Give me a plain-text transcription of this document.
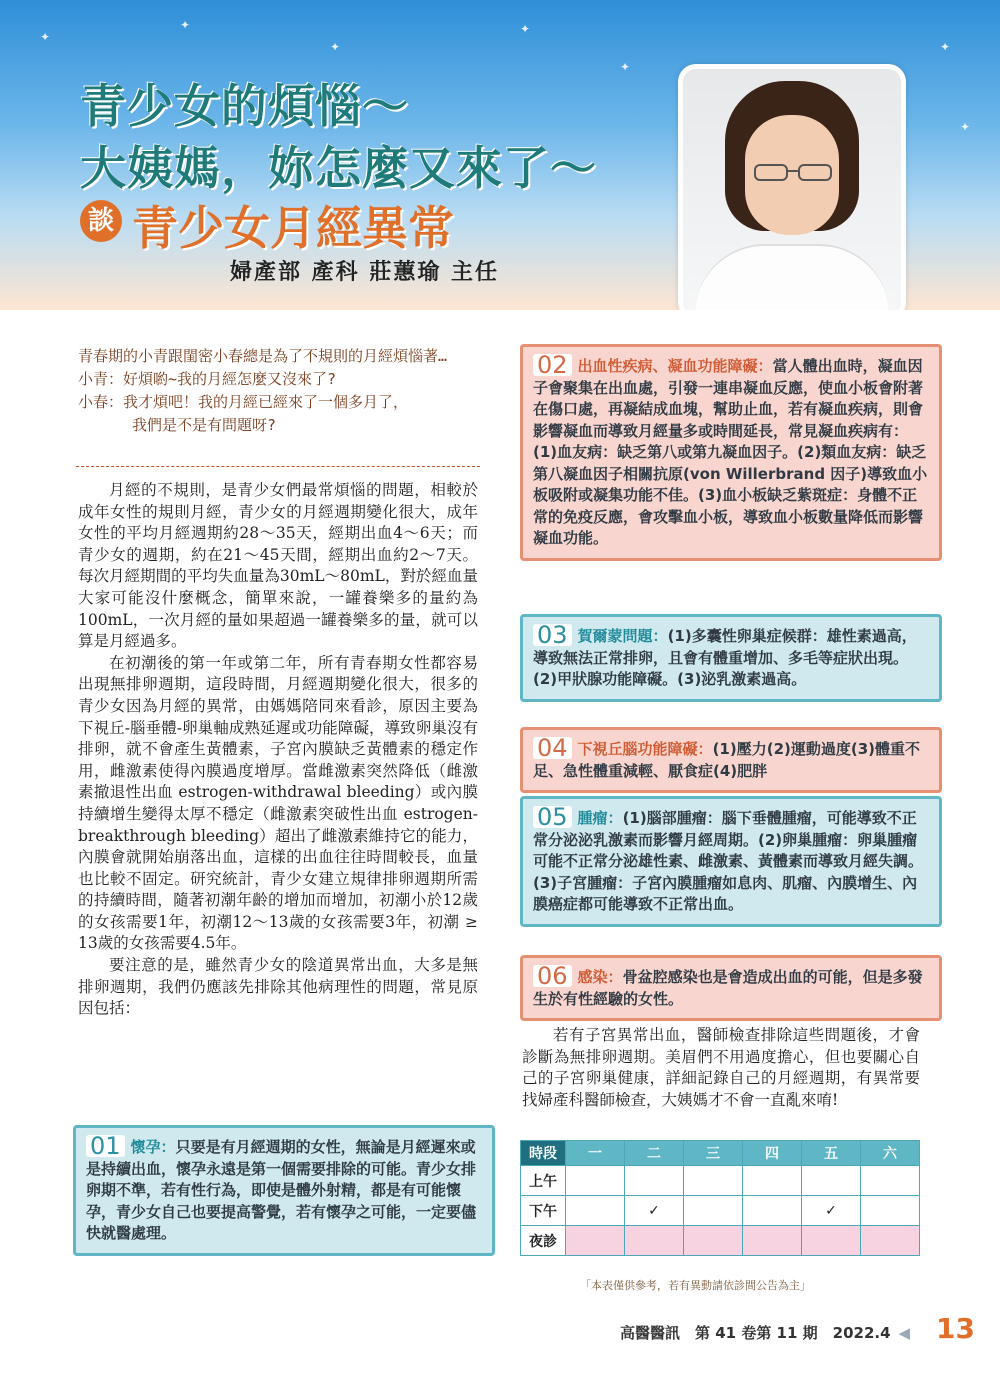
✦
✦
✦
✦
✦
✦
✦
青少女的煩惱～
大姨媽，妳怎麼又來了～
談 青少女月經異常
婦產部 產科 莊蕙瑜 主任

青春期的小青跟閨密小春總是為了不規則的月經煩惱著…

小青：好煩喲~我的月經怎麼又沒來了?

小春：我才煩吧！我的月經已經來了一個多月了，

我們是不是有問題呀?

月經的不規則，是青少女們最常煩惱的問題，相較於成年女性的規則月經，青少女的月經週期變化很大，成年女性的平均月經週期約28～35天，經期出血4～6天；而青少女的週期，約在21～45天間，經期出血約2～7天。每次月經期間的平均失血量為30mL～80mL，對於經血量大家可能沒什麼概念，簡單來說，一罐養樂多的量約為100mL，一次月經的量如果超過一罐養樂多的量，就可以算是月經過多。

在初潮後的第一年或第二年，所有青春期女性都容易出現無排卵週期，這段時間，月經週期變化很大，很多的青少女因為月經的異常，由媽媽陪同來看診，原因主要為下視丘-腦垂體-卵巢軸成熟延遲或功能障礙，導致卵巢沒有排卵，就不會產生黃體素，子宮內膜缺乏黃體素的穩定作用，雌激素使得內膜過度增厚。當雌激素突然降低（雌激素撤退性出血 estrogen-withdrawal bleeding）或內膜持續增生變得太厚不穩定（雌激素突破性出血 estrogen-breakthrough bleeding）超出了雌激素維持它的能力，內膜會就開始崩落出血，這樣的出血往往時間較長，血量也比較不固定。研究統計，青少女建立規律排卵週期所需的持續時間，隨著初潮年齡的增加而增加，初潮小於12歲的女孩需要1年，初潮12～13歲的女孩需要3年，初潮 ≥ 13歲的女孩需要4.5年。

要注意的是，雖然青少女的陰道異常出血，大多是無排卵週期，我們仍應該先排除其他病理性的問題，常見原因包括：

01 懷孕：只要是有月經週期的女性，無論是月經遲來或是持續出血，懷孕永遠是第一個需要排除的可能。青少女排卵期不準，若有性行為，即使是體外射精，都是有可能懷孕，青少女自己也要提高警覺，若有懷孕之可能，一定要儘快就醫處理。
02 出血性疾病、凝血功能障礙：當人體出血時，凝血因子會聚集在出血處，引發一連串凝血反應，使血小板會附著在傷口處，再凝結成血塊，幫助止血，若有凝血疾病，則會影響凝血而導致月經量多或時間延長，常見凝血疾病有：(1)血友病：缺乏第八或第九凝血因子。(2)類血友病：缺乏第八凝血因子相關抗原(von Willerbrand 因子)導致血小板吸附或凝集功能不佳。(3)血小板缺乏紫斑症：身體不正常的免疫反應，會攻擊血小板，導致血小板數量降低而影響凝血功能。
03 賀爾蒙問題：(1)多囊性卵巢症候群：雄性素過高，導致無法正常排卵，且會有體重增加、多毛等症狀出現。(2)甲狀腺功能障礙。(3)泌乳激素過高。
04 下視丘腦功能障礙：(1)壓力(2)運動過度(3)體重不足、急性體重減輕、厭食症(4)肥胖
05 腫瘤：(1)腦部腫瘤：腦下垂體腫瘤，可能導致不正常分泌泌乳激素而影響月經周期。(2)卵巢腫瘤：卵巢腫瘤可能不正常分泌雄性素、雌激素、黃體素而導致月經失調。(3)子宮腫瘤：子宮內膜腫瘤如息肉、肌瘤、內膜增生、內膜癌症都可能導致不正常出血。
06 感染：骨盆腔感染也是會造成出血的可能，但是多發生於有性經驗的女性。

若有子宮異常出血，醫師檢查排除這些問題後，才會診斷為無排卵週期。美眉們不用過度擔心，但也要關心自己的子宮卵巢健康，詳細記錄自己的月經週期，有異常要找婦產科醫師檢查，大姨媽才不會一直亂來唷!

時段	一	二	三	四	五	六
上午						
下午		✓			✓	
夜診						
「本表僅供參考，若有異動請依診間公告為主」
高醫醫訊　第 41 卷第 11 期　2022.4 ◀ 13
